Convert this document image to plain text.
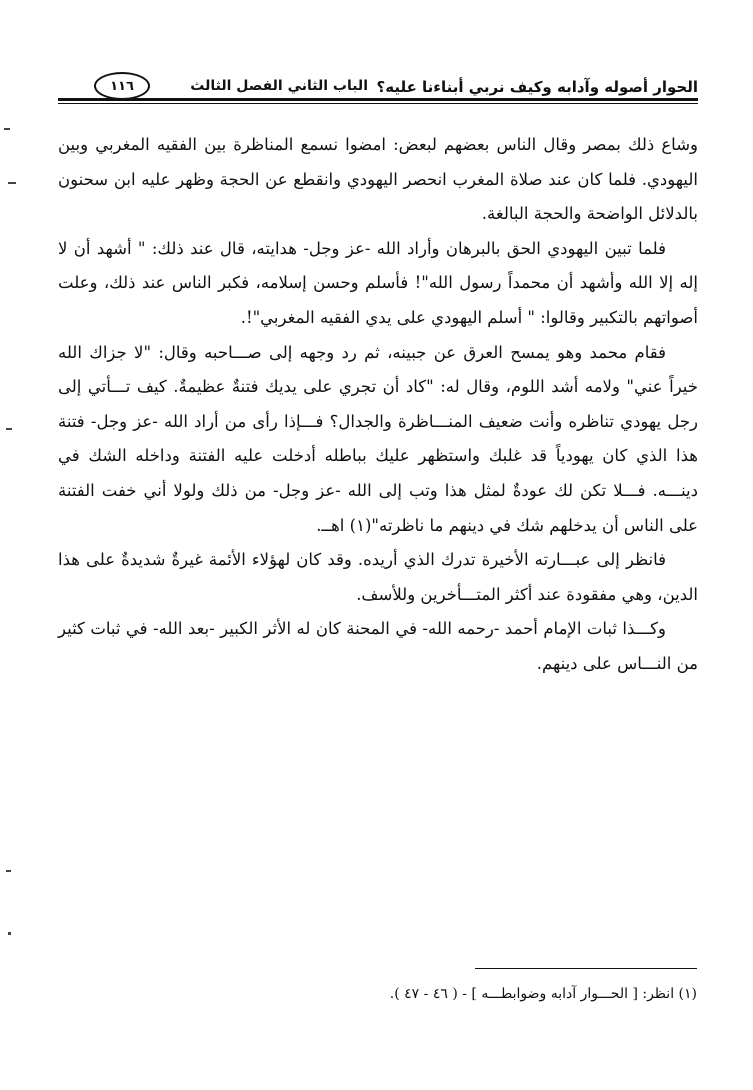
الحوار أصوله وآدابه وكيف نربي أبناءنا عليه؟
الباب الثاني الفصل الثالث
١١٦

وشاع ذلك بمصر وقال الناس بعضهم لبعض: امضوا نسمع المناظرة بين الفقيه المغربي وبين اليهودي. فلما كان عند صلاة المغرب انحصر اليهودي وانقطع عن الحجة وظهر عليه ابن سحنون بالدلائل الواضحة والحجة البالغة.

فلما تبين اليهودي الحق بالبرهان وأراد الله -عز وجل- هدايته، قال عند ذلك: " أشهد أن لا إله إلا الله وأشهد أن محمداً رسول الله"! فأسلم وحسن إسلامه، فكبر الناس عند ذلك، وعلت أصواتهم بالتكبير وقالوا: " أسلم اليهودي على يدي الفقيه المغربي"!.

فقام محمد وهو يمسح العرق عن جبينه، ثم رد وجهه إلى صـــاحبه وقال: "لا جزاك الله خيراً عني" ولامه أشد اللوم، وقال له: "كاد أن تجري على يديك فتنةٌ عظيمةٌ. كيف تـــأتي إلى رجل يهودي تناظره وأنت ضعيف المنـــاظرة والجدال؟ فـــإذا رأى من أراد الله -عز وجل- فتنة هذا الذي كان يهودياً قد غلبك واستظهر عليك بباطله أدخلت عليه الفتنة وداخله الشك في دينـــه. فـــلا تكن لك عودةٌ لمثل هذا وتب إلى الله -عز وجل- من ذلك ولولا أني خفت الفتنة على الناس أن يدخلهم شك في دينهم ما ناظرته"(١) اهــ.

فانظر إلى عبـــارته الأخيرة تدرك الذي أريده. وقد كان لهؤلاء الأئمة غيرةٌ شديدةٌ على هذا الدين، وهي مفقودة عند أكثر المتـــأخرين وللأسف.

وكـــذا ثبات الإمام أحمد -رحمه الله- في المحنة كان له الأثر الكبير -بعد الله- في ثبات كثير من النـــاس على دينهم.

(١) انظر: [ الحـــوار آدابه وضوابطـــه ] - ( ٤٦ - ٤٧ ).
